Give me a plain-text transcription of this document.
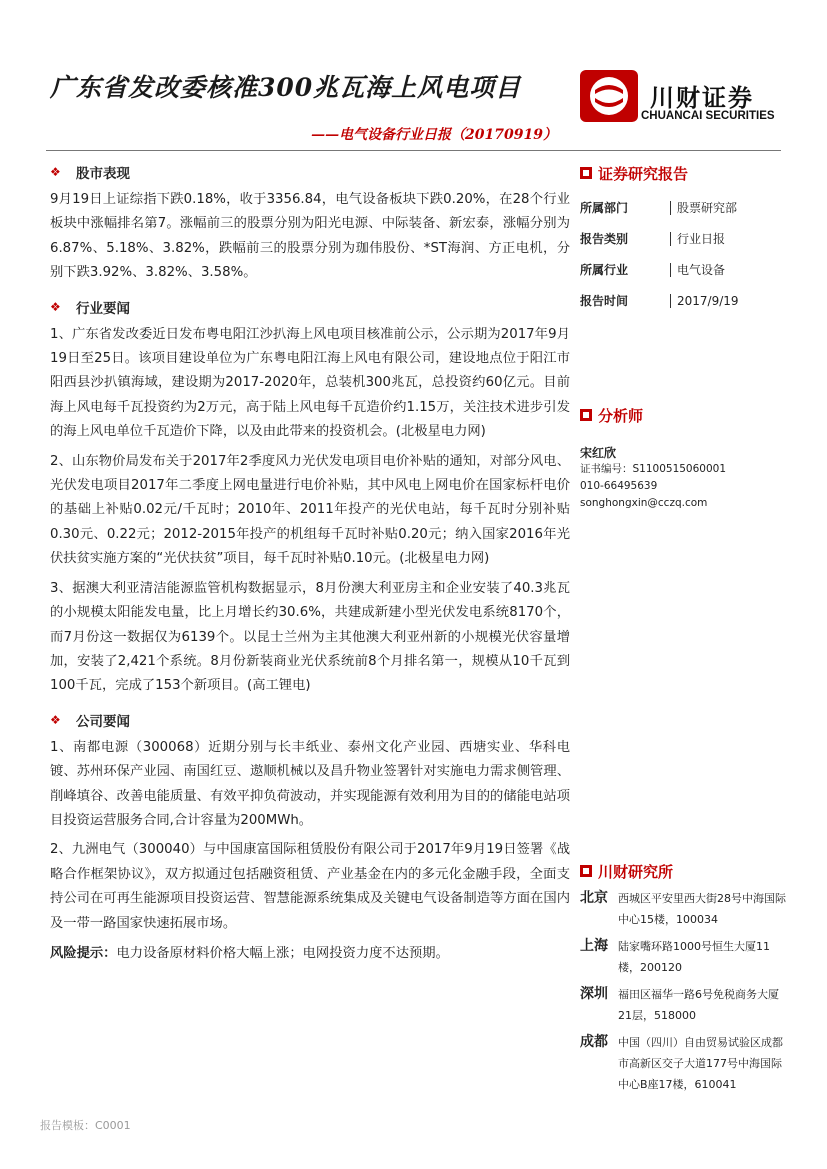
广东省发改委核准300兆瓦海上风电项目
——电气设备行业日报（20170919）
川财证券
CHUANCAI SECURITIES
❖ 股市表现

9月19日上证综指下跌0.18%，收于3356.84，电气设备板块下跌0.20%，在28个行业板块中涨幅排名第7。涨幅前三的股票分别为阳光电源、中际装备、新宏泰，涨幅分别为6.87%、5.18%、3.82%，跌幅前三的股票分别为珈伟股份、*ST海润、方正电机，分别下跌3.92%、3.82%、3.58%。

❖ 行业要闻

1、广东省发改委近日发布粤电阳江沙扒海上风电项目核准前公示，公示期为2017年9月19日至25日。该项目建设单位为广东粤电阳江海上风电有限公司，建设地点位于阳江市阳西县沙扒镇海域，建设期为2017-2020年，总装机300兆瓦，总投资约60亿元。目前海上风电每千瓦投资约为2万元，高于陆上风电每千瓦造价约1.15万，关注技术进步引发的海上风电单位千瓦造价下降，以及由此带来的投资机会。(北极星电力网)

2、山东物价局发布关于2017年2季度风力光伏发电项目电价补贴的通知，对部分风电、光伏发电项目2017年二季度上网电量进行电价补贴，其中风电上网电价在国家标杆电价的基础上补贴0.02元/千瓦时；2010年、2011年投产的光伏电站，每千瓦时分别补贴0.30元、0.22元；2012-2015年投产的机组每千瓦时补贴0.20元；纳入国家2016年光伏扶贫实施方案的“光伏扶贫”项目，每千瓦时补贴0.10元。(北极星电力网)

3、据澳大利亚清洁能源监管机构数据显示，8月份澳大利亚房主和企业安装了40.3兆瓦的小规模太阳能发电量，比上月增长约30.6%，共建成新建小型光伏发电系统8170个，而7月份这一数据仅为6139个。以昆士兰州为主其他澳大利亚州新的小规模光伏容量增加，安装了2,421个系统。8月份新装商业光伏系统前8个月排名第一，规模从10千瓦到100千瓦，完成了153个新项目。(高工锂电)

❖ 公司要闻

1、南都电源（300068）近期分别与长丰纸业、泰州文化产业园、西塘实业、华科电镀、苏州环保产业园、南国红豆、遨顺机械以及昌升物业签署针对实施电力需求侧管理、削峰填谷、改善电能质量、有效平抑负荷波动，并实现能源有效利用为目的的储能电站项目投资运营服务合同,合计容量为200MWh。

2、九洲电气（300040）与中国康富国际租赁股份有限公司于2017年9月19日签署《战略合作框架协议》，双方拟通过包括融资租赁、产业基金在内的多元化金融手段，全面支持公司在可再生能源项目投资运营、智慧能源系统集成及关键电气设备制造等方面在国内及一带一路国家快速拓展市场。

风险提示：电力设备原材料价格大幅上涨；电网投资力度不达预期。

证券研究报告
所属部门	股票研究部
报告类别	行业日报
所属行业	电气设备
报告时间	2017/9/19
分析师
宋红欣
证书编号：S1100515060001
010-66495639
songhongxin@cczq.com
川财研究所
北京 西城区平安里西大街28号中海国际中心15楼，100034
上海 陆家嘴环路1000号恒生大厦11楼，200120
深圳 福田区福华一路6号免税商务大厦21层，518000
成都 中国（四川）自由贸易试验区成都市高新区交子大道177号中海国际中心B座17楼，610041
报告模板：C0001
